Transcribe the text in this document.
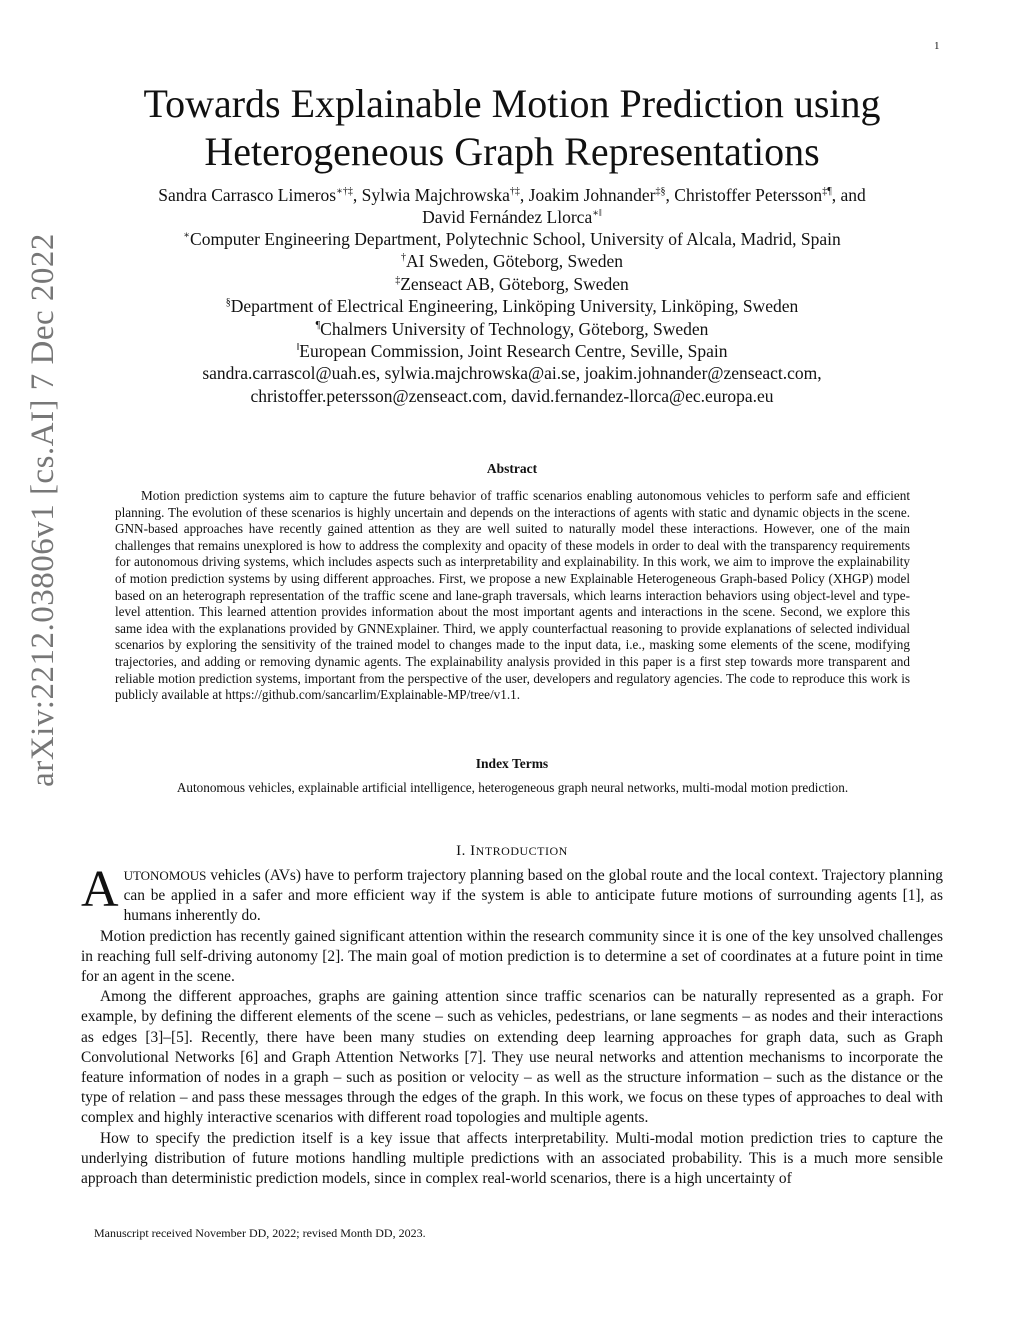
1
arXiv:2212.03806v1 [cs.AI] 7 Dec 2022
Towards Explainable Motion Prediction using
Heterogeneous Graph Representations
Sandra Carrasco Limeros∗†‡, Sylwia Majchrowska†‡, Joakim Johnander‡§, Christoffer Petersson‡¶, and
David Fernández Llorca∗‖
∗Computer Engineering Department, Polytechnic School, University of Alcala, Madrid, Spain
†AI Sweden, Göteborg, Sweden
‡Zenseact AB, Göteborg, Sweden
§Department of Electrical Engineering, Linköping University, Linköping, Sweden
¶Chalmers University of Technology, Göteborg, Sweden
‖European Commission, Joint Research Centre, Seville, Spain
sandra.carrascol@uah.es, sylwia.majchrowska@ai.se, joakim.johnander@zenseact.com,
christoffer.petersson@zenseact.com, david.fernandez-llorca@ec.europa.eu
Abstract

Motion prediction systems aim to capture the future behavior of traffic scenarios enabling autonomous vehicles to perform safe and efficient planning. The evolution of these scenarios is highly uncertain and depends on the interactions of agents with static and dynamic objects in the scene. GNN-based approaches have recently gained attention as they are well suited to naturally model these interactions. However, one of the main challenges that remains unexplored is how to address the complexity and opacity of these models in order to deal with the transparency requirements for autonomous driving systems, which includes aspects such as interpretability and explainability. In this work, we aim to improve the explainability of motion prediction systems by using different approaches. First, we propose a new Explainable Heterogeneous Graph-based Policy (XHGP) model based on an heterograph representation of the traffic scene and lane-graph traversals, which learns interaction behaviors using object-level and type-level attention. This learned attention provides information about the most important agents and interactions in the scene. Second, we explore this same idea with the explanations provided by GNNExplainer. Third, we apply counterfactual reasoning to provide explanations of selected individual scenarios by exploring the sensitivity of the trained model to changes made to the input data, i.e., masking some elements of the scene, modifying trajectories, and adding or removing dynamic agents. The explainability analysis provided in this paper is a first step towards more transparent and reliable motion prediction systems, important from the perspective of the user, developers and regulatory agencies. The code to reproduce this work is publicly available at https://github.com/sancarlim/Explainable-MP/tree/v1.1.

Index Terms

Autonomous vehicles, explainable artificial intelligence, heterogeneous graph neural networks, multi-modal motion prediction.

I. INTRODUCTION

AUTONOMOUS vehicles (AVs) have to perform trajectory planning based on the global route and the local context. Trajectory planning can be applied in a safer and more efficient way if the system is able to anticipate future motions of surrounding agents [1], as humans inherently do.

Motion prediction has recently gained significant attention within the research community since it is one of the key unsolved challenges in reaching full self-driving autonomy [2]. The main goal of motion prediction is to determine a set of coordinates at a future point in time for an agent in the scene.

Among the different approaches, graphs are gaining attention since traffic scenarios can be naturally represented as a graph. For example, by defining the different elements of the scene – such as vehicles, pedestrians, or lane segments – as nodes and their interactions as edges [3]–[5]. Recently, there have been many studies on extending deep learning approaches for graph data, such as Graph Convolutional Networks [6] and Graph Attention Networks [7]. They use neural networks and attention mechanisms to incorporate the feature information of nodes in a graph – such as position or velocity – as well as the structure information – such as the distance or the type of relation – and pass these messages through the edges of the graph. In this work, we focus on these types of approaches to deal with complex and highly interactive scenarios with different road topologies and multiple agents.

How to specify the prediction itself is a key issue that affects interpretability. Multi-modal motion prediction tries to capture the underlying distribution of future motions handling multiple predictions with an associated probability. This is a much more sensible approach than deterministic prediction models, since in complex real-world scenarios, there is a high uncertainty of

Manuscript received November DD, 2022; revised Month DD, 2023.
